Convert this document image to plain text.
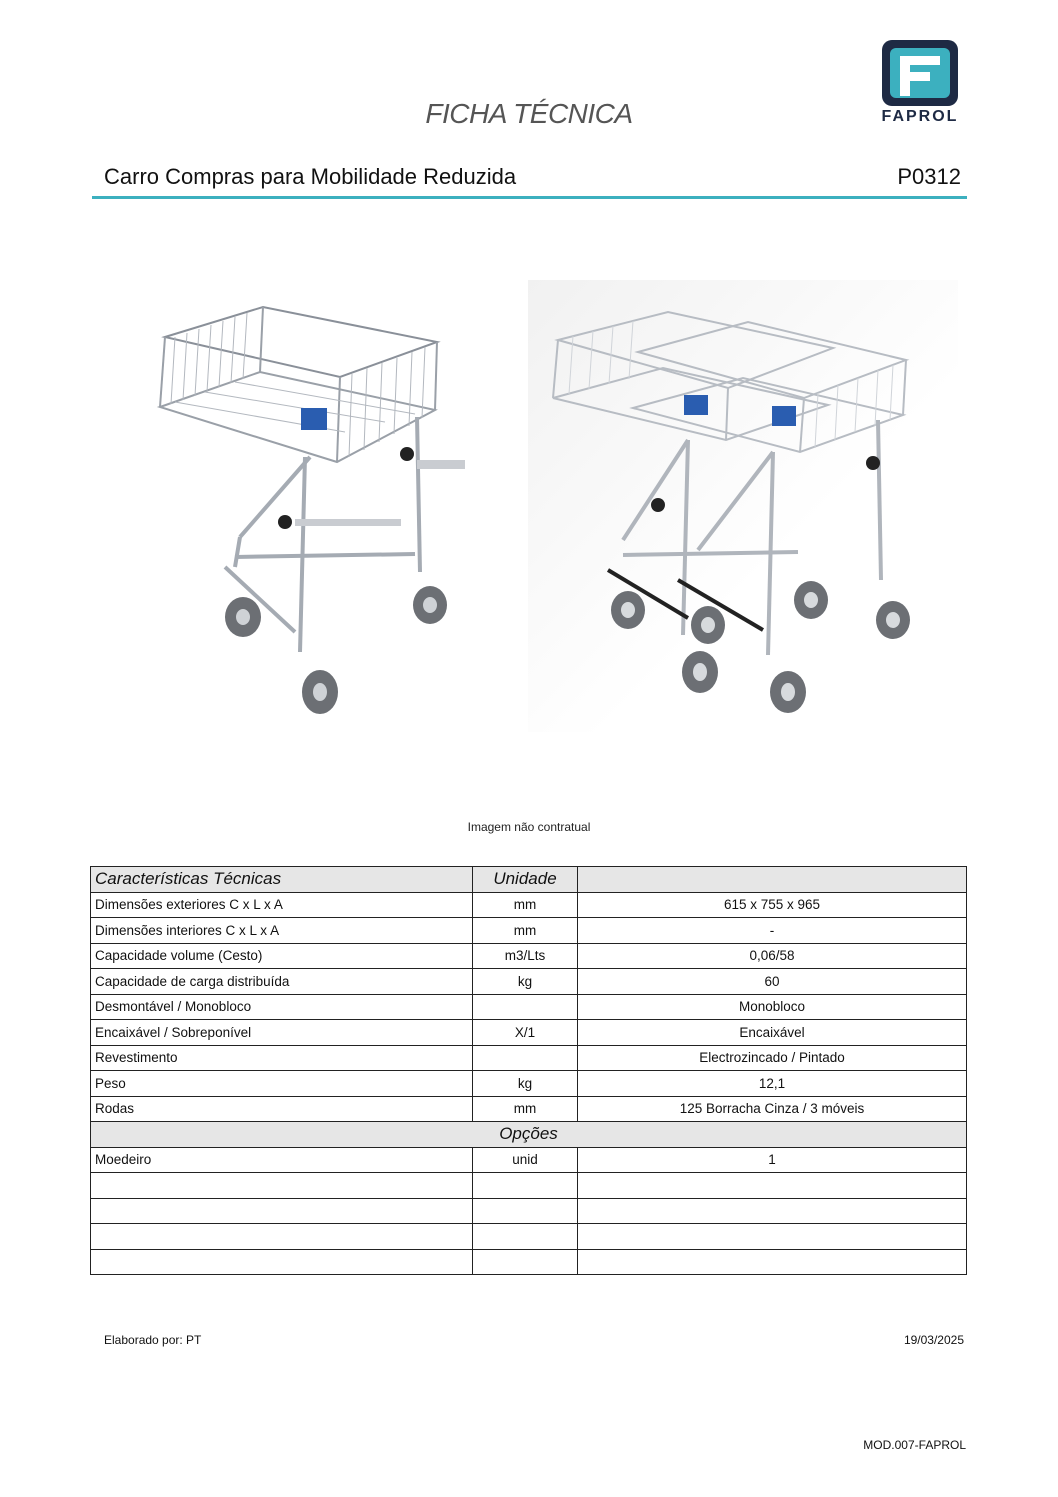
FICHA TÉCNICA	FAPROL
Carro Compras para Mobilidade Reduzida	P0312
Imagem não contratual
Características Técnicas	Unidade	
Dimensões exteriores C x L x A	mm	615 x 755 x 965
Dimensões interiores C x L x A	mm	-
Capacidade volume (Cesto)	m3/Lts	0,06/58
Capacidade de carga distribuída	kg	60
Desmontável / Monobloco		Monobloco
Encaixável / Sobreponível	X/1	Encaixável
Revestimento		Electrozincado / Pintado
Peso	kg	12,1
Rodas	mm	125 Borracha Cinza / 3 móveis
Opções		
Moedeiro	unid	1

Elaborado por: PT	19/03/2025
MOD.007-FAPROL
